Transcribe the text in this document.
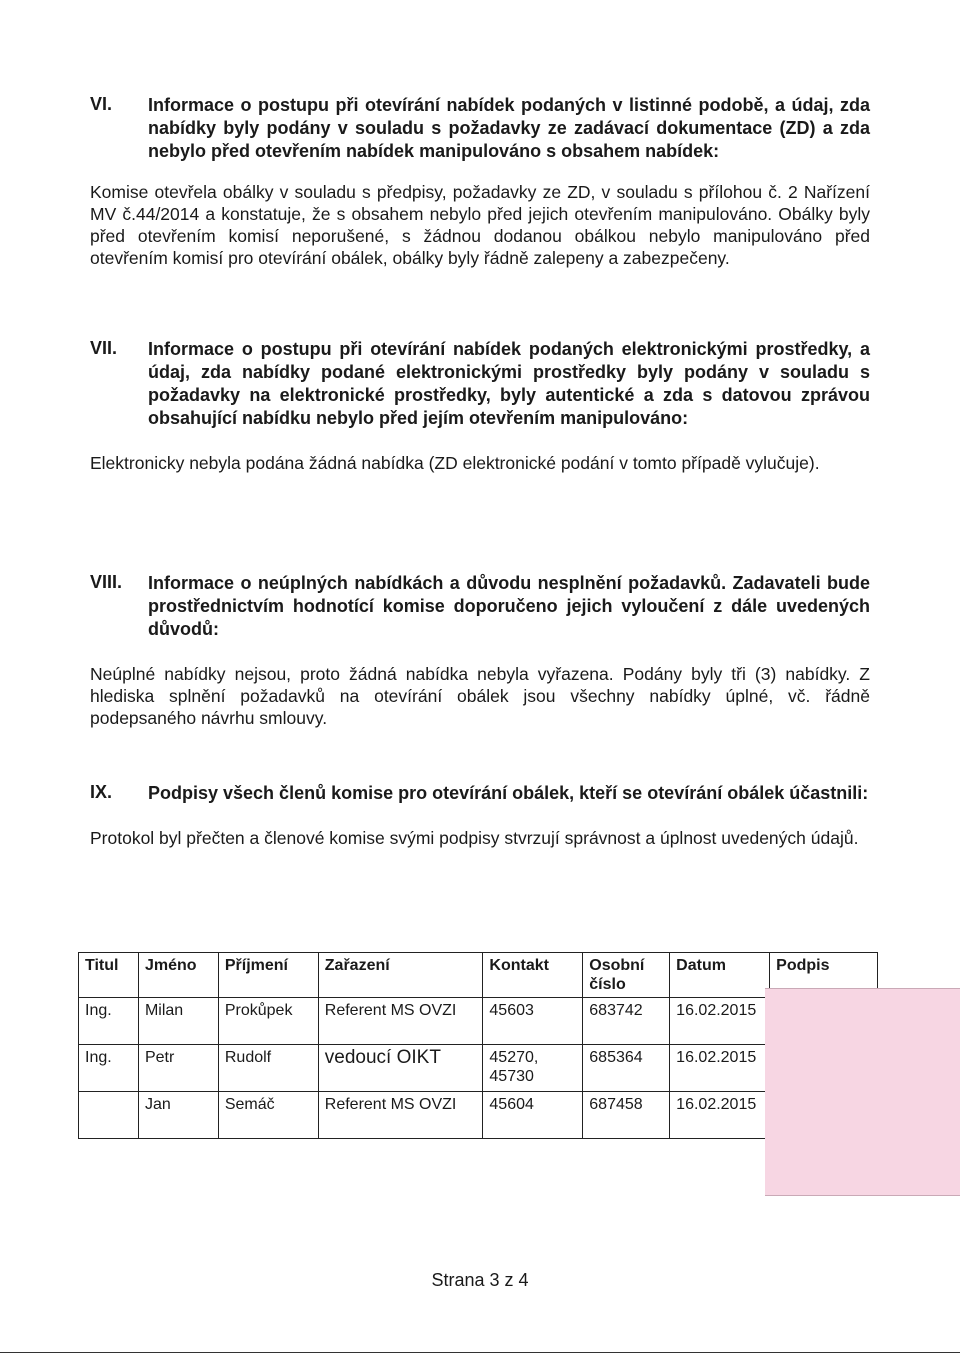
VI.	Informace o postupu při otevírání nabídek podaných v listinné podobě, a údaj, zda nabídky byly podány v souladu s požadavky ze zadávací dokumentace (ZD) a zda nebylo před otevřením nabídek manipulováno s obsahem nabídek:
Komise otevřela obálky v souladu s předpisy, požadavky ze ZD, v souladu s přílohou č. 2 Nařízení MV č.44/2014 a konstatuje, že s obsahem nebylo před jejich otevřením manipulováno. Obálky byly před otevřením komisí neporušené, s žádnou dodanou obálkou nebylo manipulováno před otevřením komisí pro otevírání obálek, obálky byly řádně zalepeny a zabezpečeny.
VII.	Informace o postupu při otevírání nabídek podaných elektronickými prostředky, a údaj, zda nabídky podané elektronickými prostředky byly podány v souladu s požadavky na elektronické prostředky, byly autentické a zda s datovou zprávou obsahující nabídku nebylo před jejím otevřením manipulováno:
Elektronicky nebyla podána žádná nabídka (ZD elektronické podání v tomto případě vylučuje).
VIII.	Informace o neúplných nabídkách a důvodu nesplnění požadavků. Zadavateli bude prostřednictvím hodnotící komise doporučeno jejich vyloučení z dále uvedených důvodů:
Neúplné nabídky nejsou, proto žádná nabídka nebyla vyřazena. Podány byly tři (3) nabídky. Z hlediska splnění požadavků na otevírání obálek jsou všechny nabídky úplné, vč. řádně podepsaného návrhu smlouvy.
IX.	Podpisy všech členů komise pro otevírání obálek, kteří se otevírání obálek účastnili:
Protokol byl přečten a členové komise svými podpisy stvrzují správnost a úplnost uvedených údajů.
Titul	Jméno	Příjmení	Zařazení	Kontakt	Osobní číslo	Datum	Podpis
Ing.	Milan	Prokůpek	Referent MS OVZI	45603	683742	16.02.2015	
Ing.	Petr	Rudolf	vedoucí OIKT	45270, 45730	685364	16.02.2015	
	Jan	Semáč	Referent MS OVZI	45604	687458	16.02.2015	
Strana 3 z 4
